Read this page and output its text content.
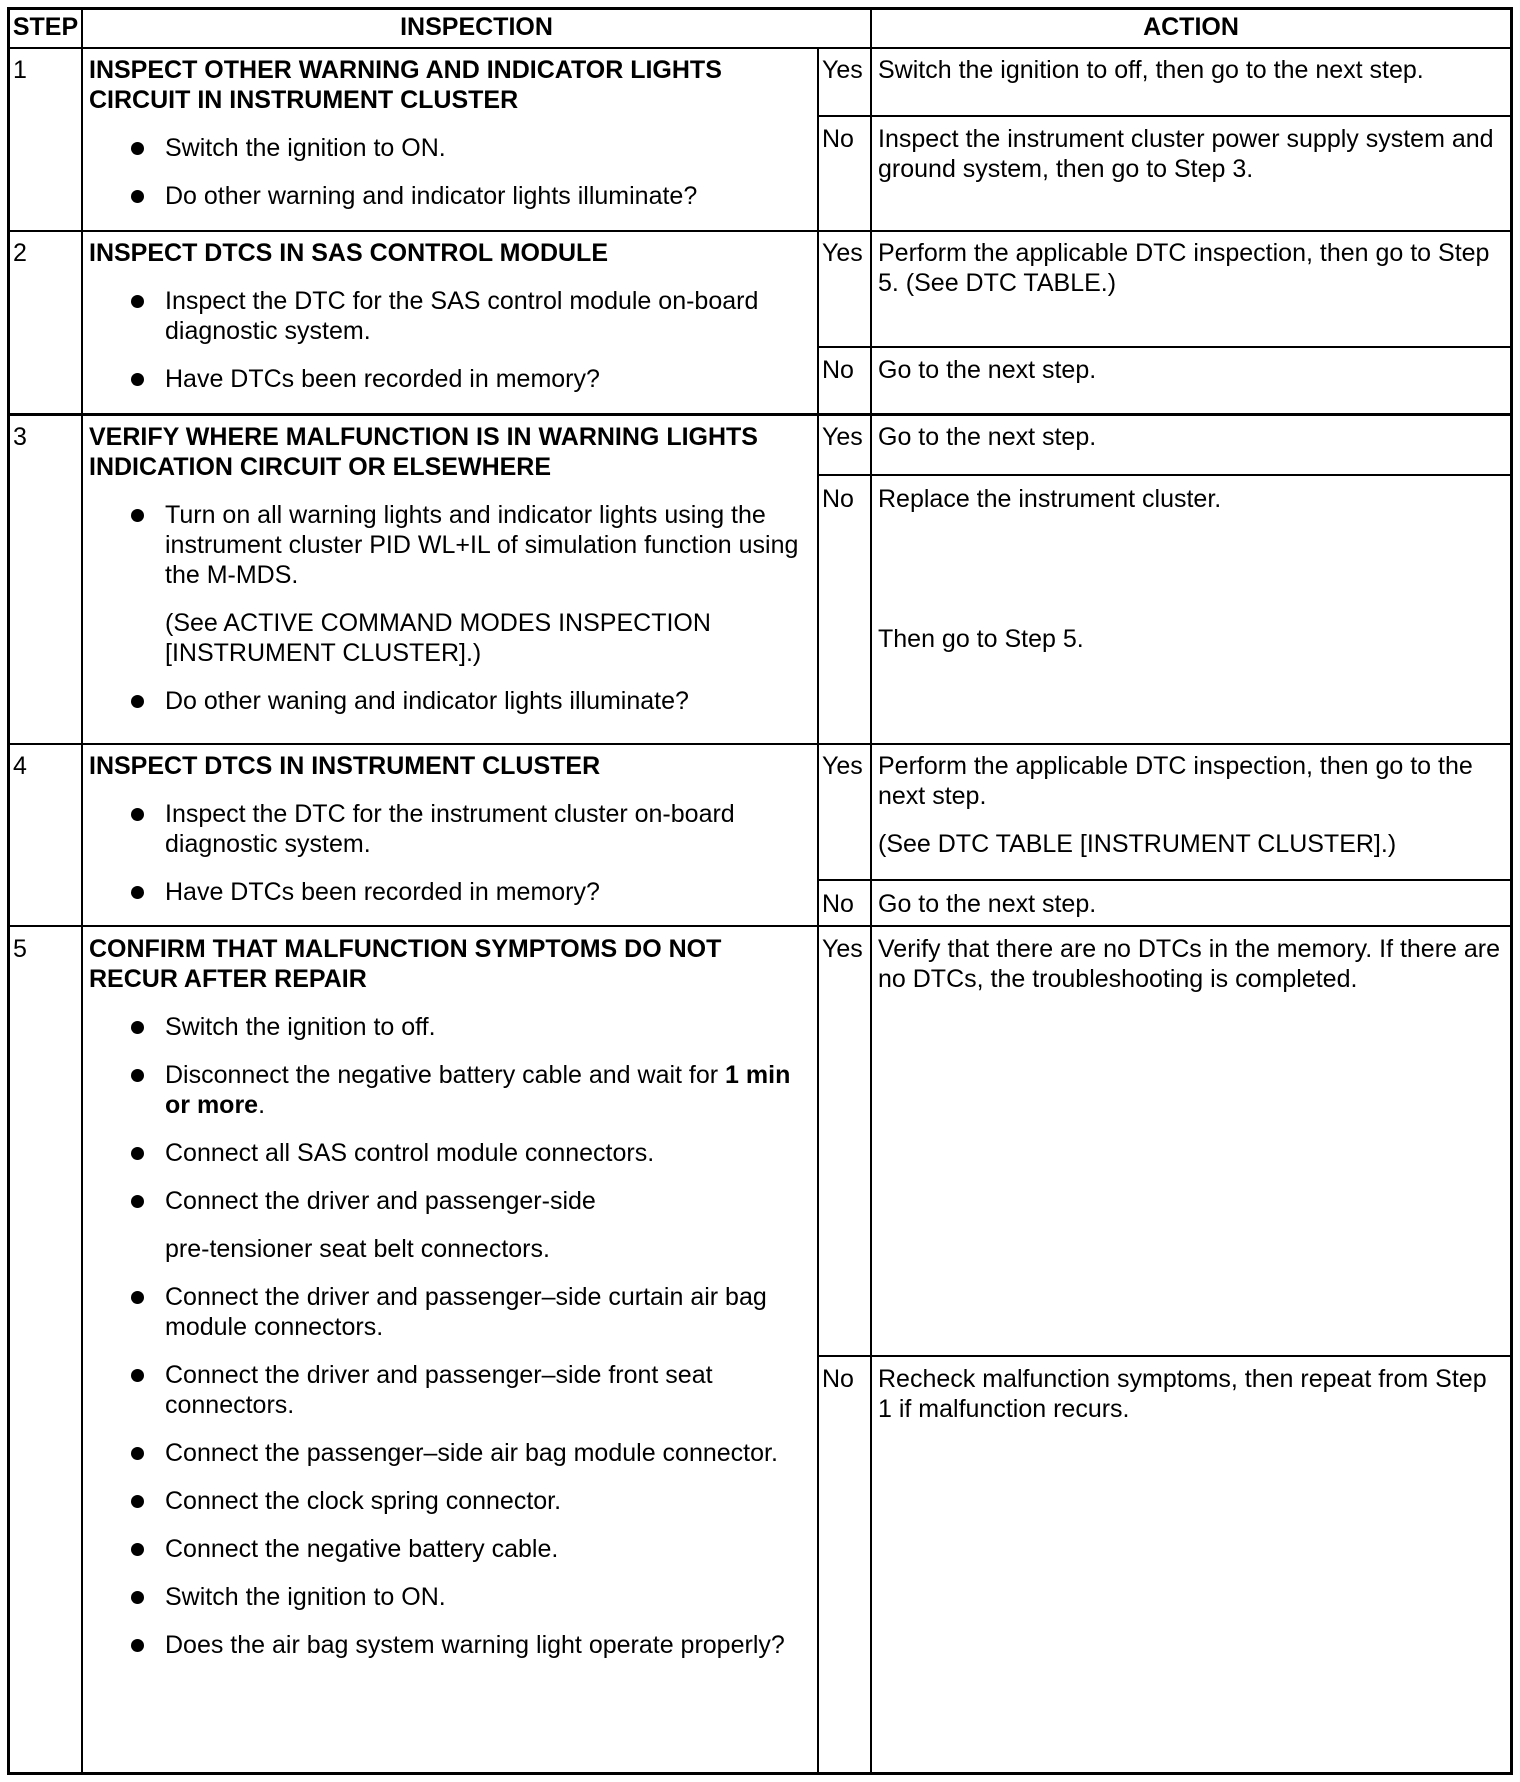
STEP	INSPECTION	ACTION
1 INSPECT OTHER WARNING AND INDICATOR LIGHTS CIRCUIT IN INSTRUMENT CLUSTER
Switch the ignition to ON.
Do other warning and indicator lights illuminate?
Yes Switch the ignition to off, then go to the next step.

No Inspect the instrument cluster power supply system and ground system, then go to Step 3.

2 INSPECT DTCS IN SAS CONTROL MODULE
Inspect the DTC for the SAS control module on-board diagnostic system.
Have DTCs been recorded in memory?
Yes Perform the applicable DTC inspection, then go to Step 5. (See DTC TABLE.)

No Go to the next step.

3 VERIFY WHERE MALFUNCTION IS IN WARNING LIGHTS INDICATION CIRCUIT OR ELSEWHERE
Turn on all warning lights and indicator lights using the instrument cluster PID WL+IL of simulation function using the M-MDS.
(See ACTIVE COMMAND MODES INSPECTION [INSTRUMENT CLUSTER].)
Do other waning and indicator lights illuminate?
Yes Go to the next step.

No Replace the instrument cluster.

Then go to Step 5.

4 INSPECT DTCS IN INSTRUMENT CLUSTER
Inspect the DTC for the instrument cluster on-board diagnostic system.
Have DTCs been recorded in memory?
Yes Perform the applicable DTC inspection, then go to the next step.

(See DTC TABLE [INSTRUMENT CLUSTER].)

No Go to the next step.

5 CONFIRM THAT MALFUNCTION SYMPTOMS DO NOT RECUR AFTER REPAIR
Switch the ignition to off.
Disconnect the negative battery cable and wait for 1 min or more.
Connect all SAS control module connectors.
Connect the driver and passenger-side
pre-tensioner seat belt connectors.
Connect the driver and passenger–side curtain air bag module connectors.
Connect the driver and passenger–side front seat connectors.
Connect the passenger–side air bag module connector.
Connect the clock spring connector.
Connect the negative battery cable.
Switch the ignition to ON.
Does the air bag system warning light operate properly?
Yes Verify that there are no DTCs in the memory. If there are no DTCs, the troubleshooting is completed.

No Recheck malfunction symptoms, then repeat from Step 1 if malfunction recurs.
